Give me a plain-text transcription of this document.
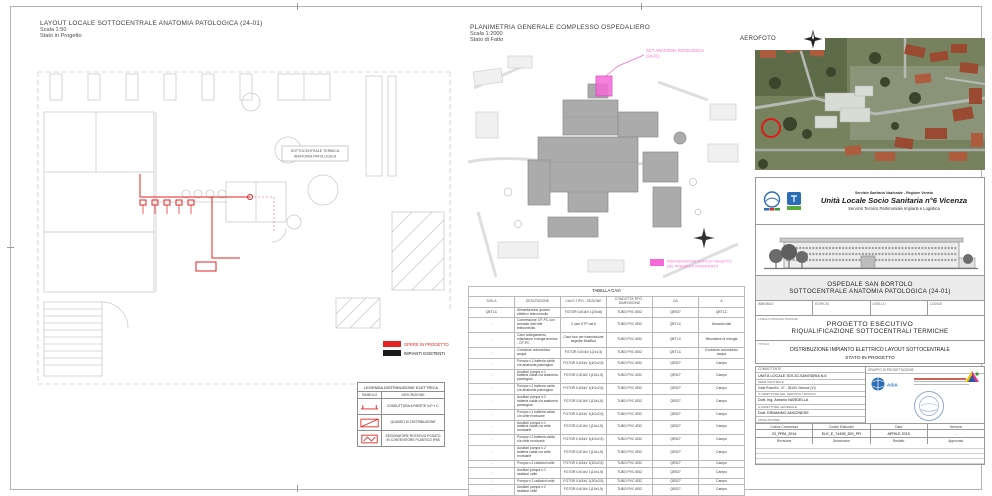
LAYOUT LOCALE SOTTOCENTRALE ANATOMIA PATOLOGICA (24-01)
Scala 1:50
Stato in Progetto
SOTTOCENTRALE TERMICA
ANATOMIA PATOLOGICA
OPERE IN PROGETTO
IMPIANTI ESISTENTI
LEGENDA DISTRIBUZIONE ELETTRICA
SIMBOLO	DESCRIZIONE
CONDUTTURA A PARETE N.P x C.
QUADRO DI DISTRIBUZIONE
SEZIONATORE ROTATIVO POSATO IN CONTENITORE PLASTICO IP65
PLANIMETRIA GENERALE COMPLESSO OSPEDALIERO
Scala 1:2000
Stato di Fatto
SCT ANATOMIA PATOLOGICA
(24-01)
INDIVIDUAZIONE EDIFICIO OGGETTO
DEL PRESENTE INTERVENTO
TABELLA CAVI					
SIGLA	DESCRIZIONE	CAVO TIPO - SEZIONE	CONDOTTA TIPO - DIMENSIONE	DA	A
QETLC	Alimentazione quadro elettrico telecontrollo	FG7OR 0,6/1kV 1(2Gx6)	TUBO PVC Ø32	QE927	QETLC
-	Connessione CP-PC con armadio dati rete telecontrollo	2 cavi UTP cat.6	TUBO PVC Ø32	QETLC	Armadio dati
-	Cavo collegamento misuratore energia termica - CP-PC	Cavo bus per trasmissione segnale ModBus	TUBO PVC Ø32	QETLC	Misuratore di energia
-	Contatore volumetrico acqua	FG7OR 0,6/1kV 1(2x1,5)	TUBO PVC Ø32	QETLC	Contatore volumetrico acqua
-	Pompa n.1 batteria calda c/a anatomia patologica	FG7OR 0,6/1kV 1(4Gx2,5)	TUBO PVC Ø32	QE927	Campo
-	Ausiliari pompa n.1 batteria calda c/a anatomia patologica	FG7OR 0,6/1kV 1(10x1,5)	TUBO PVC Ø32	QE927	Campo
-	Pompa n.2 batteria calda c/a anatomia patologica	FG7OR 0,6/1kV 1(4Gx2,5)	TUBO PVC Ø32	QE927	Campo
-	Ausiliari pompa n.2 batteria calda c/a anatomia patologica	FG7OR 0,6/1kV 1(10x1,5)	TUBO PVC Ø32	QE927	Campo
-	Pompa n.1 batteria calda c/a celle mortuarie	FG7OR 0,6/1kV 1(4Gx2,5)	TUBO PVC Ø32	QE927	Campo
-	Ausiliari pompa n.1 batteria calda c/a celle mortuarie	FG7OR 0,6/1kV 1(10x1,5)	TUBO PVC Ø32	QE927	Campo
-	Pompa n.2 batteria calda c/a celle mortuarie	FG7OR 0,6/1kV 1(4Gx2,5)	TUBO PVC Ø32	QE927	Campo
-	Ausiliari pompa n.2 batteria calda c/a celle mortuarie	FG7OR 0,6/1kV 1(10x1,5)	TUBO PVC Ø32	QE927	Campo
-	Pompa n.1 radiatori celle	FG7OR 0,6/1kV 1(3Gx2,5)	TUBO PVC Ø32	QE927	Campo
-	Ausiliari pompa n.1 radiatori celle	FG7OR 0,6/1kV 1(10x1,5)	TUBO PVC Ø32	QE927	Campo
-	Pompa n.2 radiatori celle	FG7OR 0,6/1kV 1(3Gx2,5)	TUBO PVC Ø32	QE927	Campo
-	Ausiliari pompa n.2 radiatori celle	FG7OR 0,6/1kV 1(10x1,5)	TUBO PVC Ø32	QE927	Campo
AEROFOTO
Servizio Sanitario Nazionale - Regione Veneto
Unità Locale Socio Sanitaria n°6 Vicenza
Servizio Tecnico Patrimoniale Impianti e Logistica
OSPEDALE SAN BORTOLO
SOTTOCENTRALE ANATOMIA PATOLOGICA (24-01)
IMMOBILE	EDIFICIO	LIVELLO	CODICE
LIVELLO PROGETTAZIONE
PROGETTO ESECUTIVO
RIQUALIFICAZIONE SOTTOCENTRALI TERMICHE
TITOLO
DISTRIBUZIONE IMPIANTO ELETTRICO LAYOUT SOTTOCENTRALE
STATO IN PROGETTO
COMMITTENTE
UNITÀ LOCALE SOCIO-SANITARIA N.6
SEDE CENTRALE
Viale Rodolfi n. 37 - 36100 Vicenza (VI)
IL DIRETTORE DEL SERVIZIO TECNICO
Dott. Ing. Antonio NARDELLA
IL DIRETTORE GENERALE
Dott. ERMANNO ANGONESE
APPALTATORE
GRUPPO DI PROGETTAZIONE
ASIA
Codice Commessa	Codice Elaborato	Data	Versione
23_PRM_2014	ELE_E_74455_DIS_PR	APRILE 2015	-
Revisione	Descrizione	Redatto	Approvato
